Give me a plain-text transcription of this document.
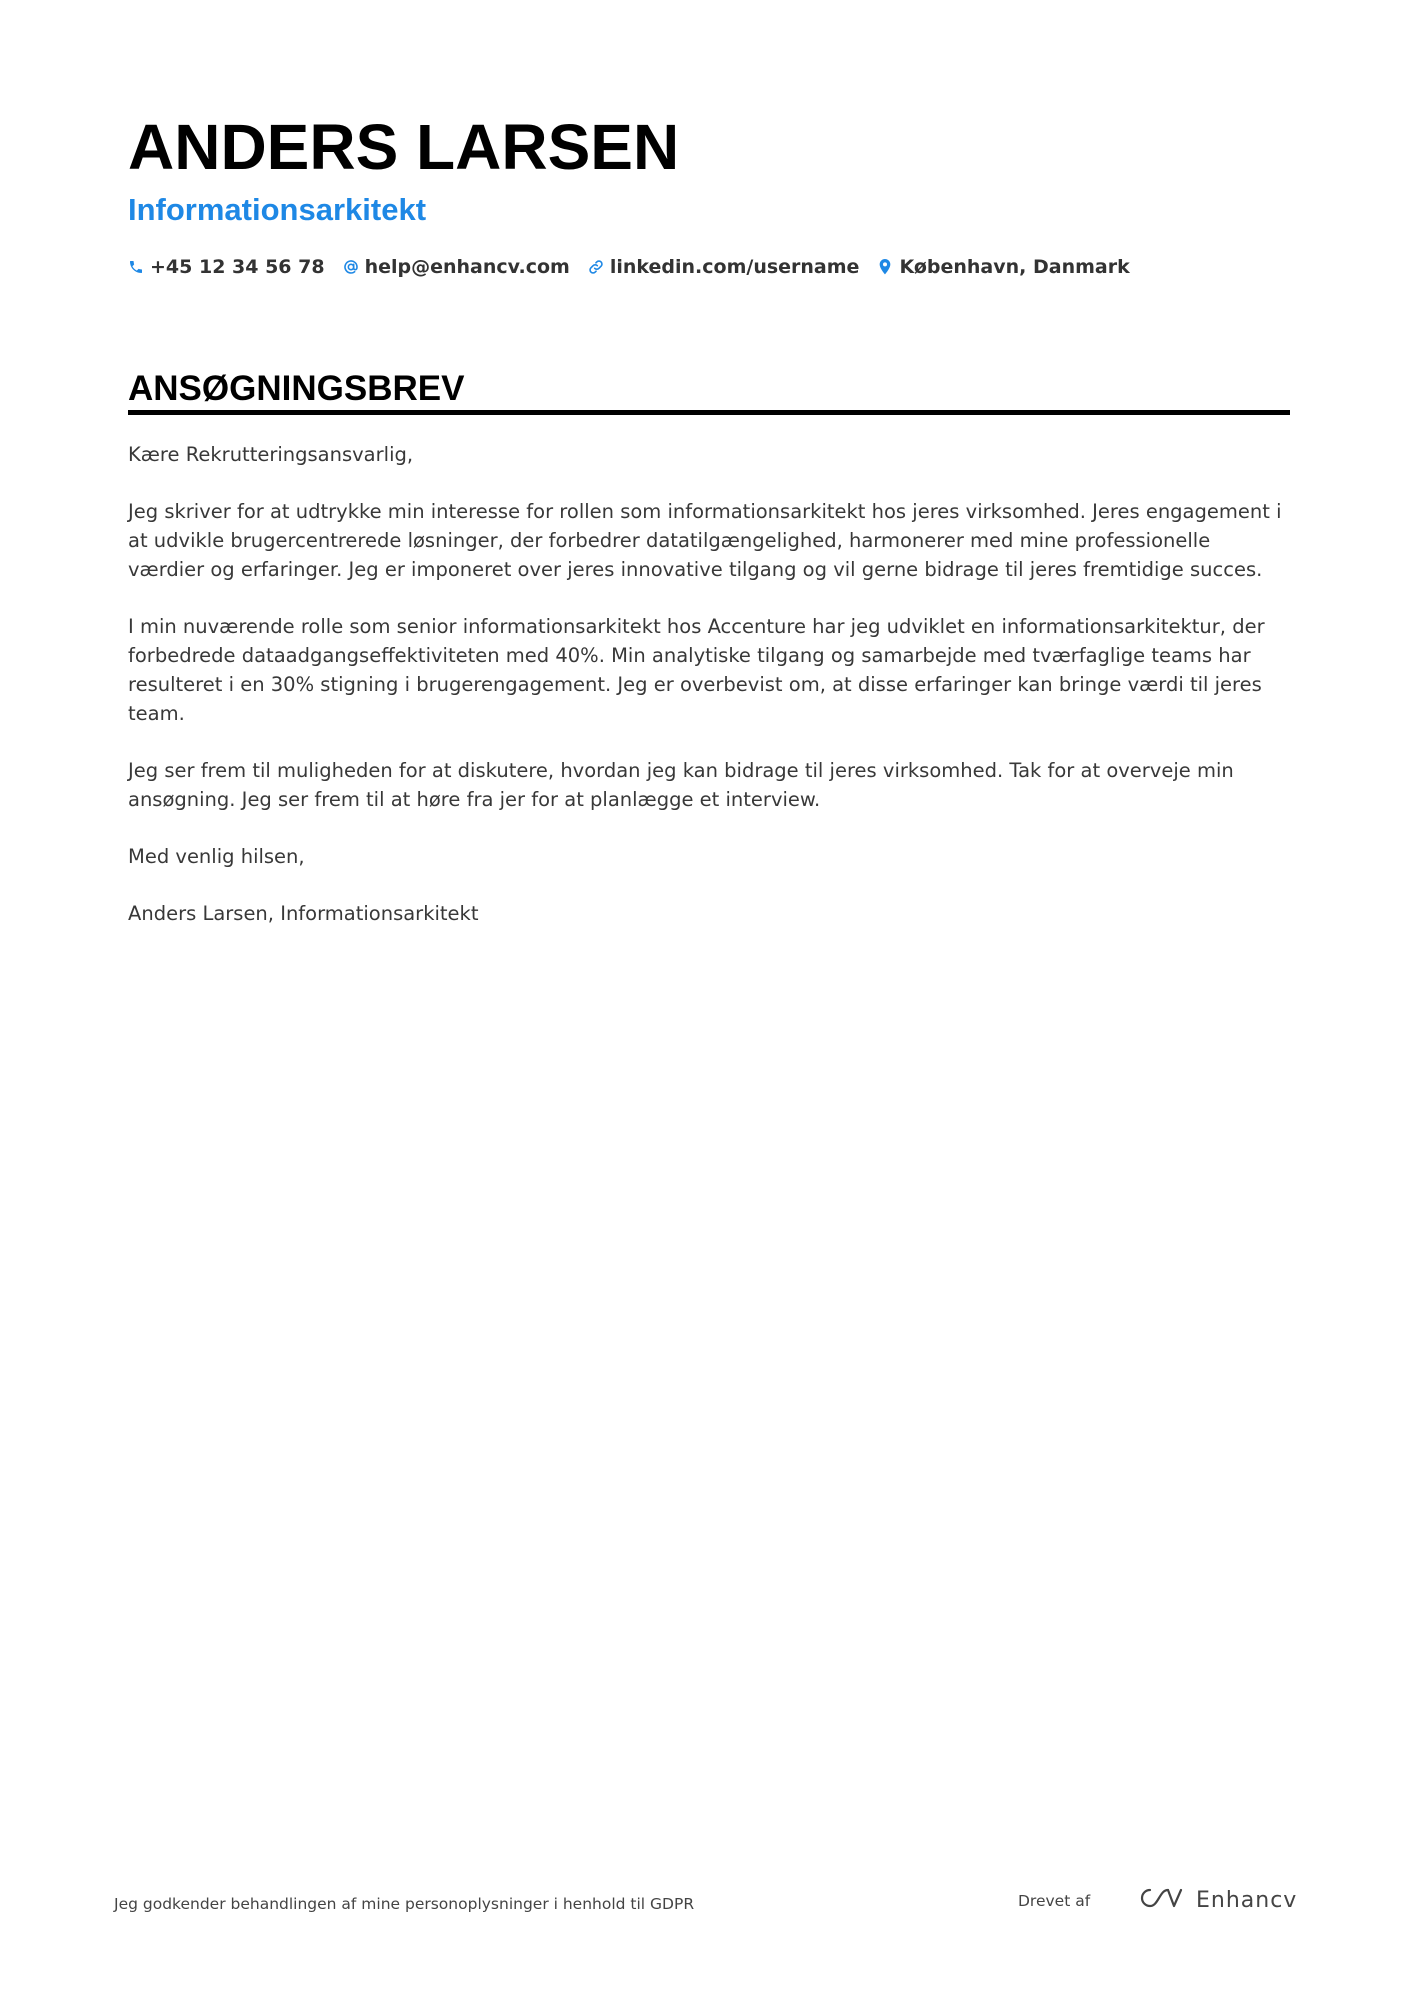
ANDERS LARSEN
Informationsarkitekt
+45 12 34 56 78 help@enhancv.com linkedin.com/username København, Danmark
ANSØGNINGSBREV

Kære Rekrutteringsansvarlig,

Jeg skriver for at udtrykke min interesse for rollen som informationsarkitekt hos jeres virksomhed. Jeres engagement i at udvikle brugercentrerede løsninger, der forbedrer datatilgængelighed, harmonerer med mine professionelle værdier og erfaringer. Jeg er imponeret over jeres innovative tilgang og vil gerne bidrage til jeres fremtidige succes.

I min nuværende rolle som senior informationsarkitekt hos Accenture har jeg udviklet en informationsarkitektur, der forbedrede dataadgangseffektiviteten med 40%. Min analytiske tilgang og samarbejde med tværfaglige teams har resulteret i en 30% stigning i brugerengagement. Jeg er overbevist om, at disse erfaringer kan bringe værdi til jeres team.

Jeg ser frem til muligheden for at diskutere, hvordan jeg kan bidrage til jeres virksomhed. Tak for at overveje min ansøgning. Jeg ser frem til at høre fra jer for at planlægge et interview.

Med venlig hilsen,

Anders Larsen, Informationsarkitekt

Jeg godkender behandlingen af mine personoplysninger i henhold til GDPR	Drevet af	Enhancv
